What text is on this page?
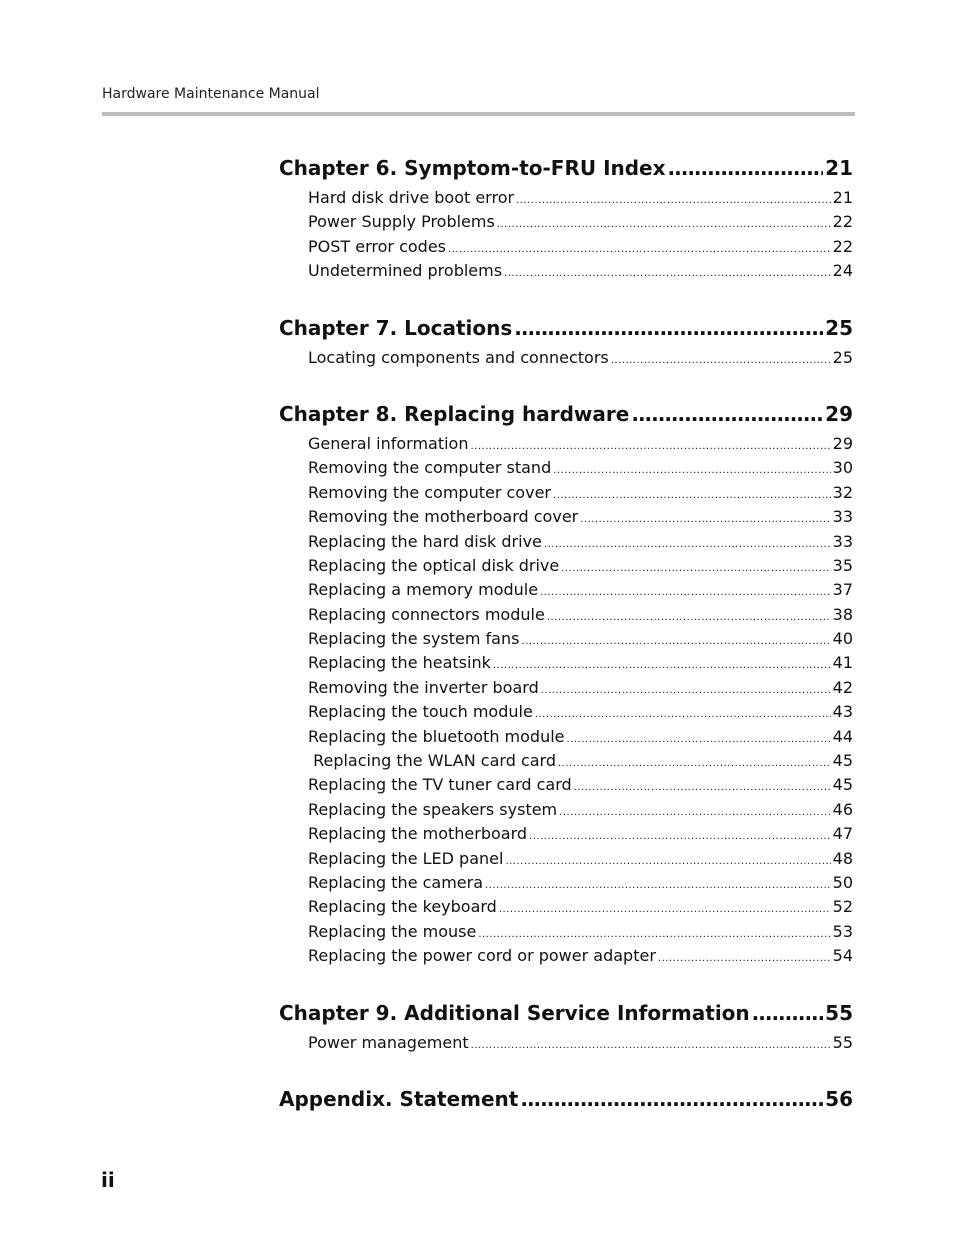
Hardware Maintenance Manual
Chapter 6. Symptom-to-FRU Index .....	21
Hard disk drive boot error .....	21
Power Supply Problems .....	22
POST error codes .....	22
Undetermined problems .....	24
Chapter 7. Locations .....	25
Locating components and connectors .....	25
Chapter 8. Replacing hardware .....	29
General information .....	29
Removing the computer stand .....	30
Removing the computer cover .....	32
Removing the motherboard cover .....	33
Replacing the hard disk drive .....	33
Replacing the optical disk drive .....	35
Replacing a memory module .....	37
Replacing connectors module .....	38
Replacing the system fans .....	40
Replacing the heatsink .....	41
Removing the inverter board .....	42
Replacing the touch module .....	43
Replacing the bluetooth module .....	44
Replacing the WLAN card card .....	45
Replacing the TV tuner card card .....	45
Replacing the speakers system .....	46
Replacing the motherboard .....	47
Replacing the LED panel .....	48
Replacing the camera .....	50
Replacing the keyboard .....	52
Replacing the mouse .....	53
Replacing the power cord or power adapter .....	54
Chapter 9. Additional Service Information .....	55
Power management .....	55
Appendix. Statement .....	56
ii
